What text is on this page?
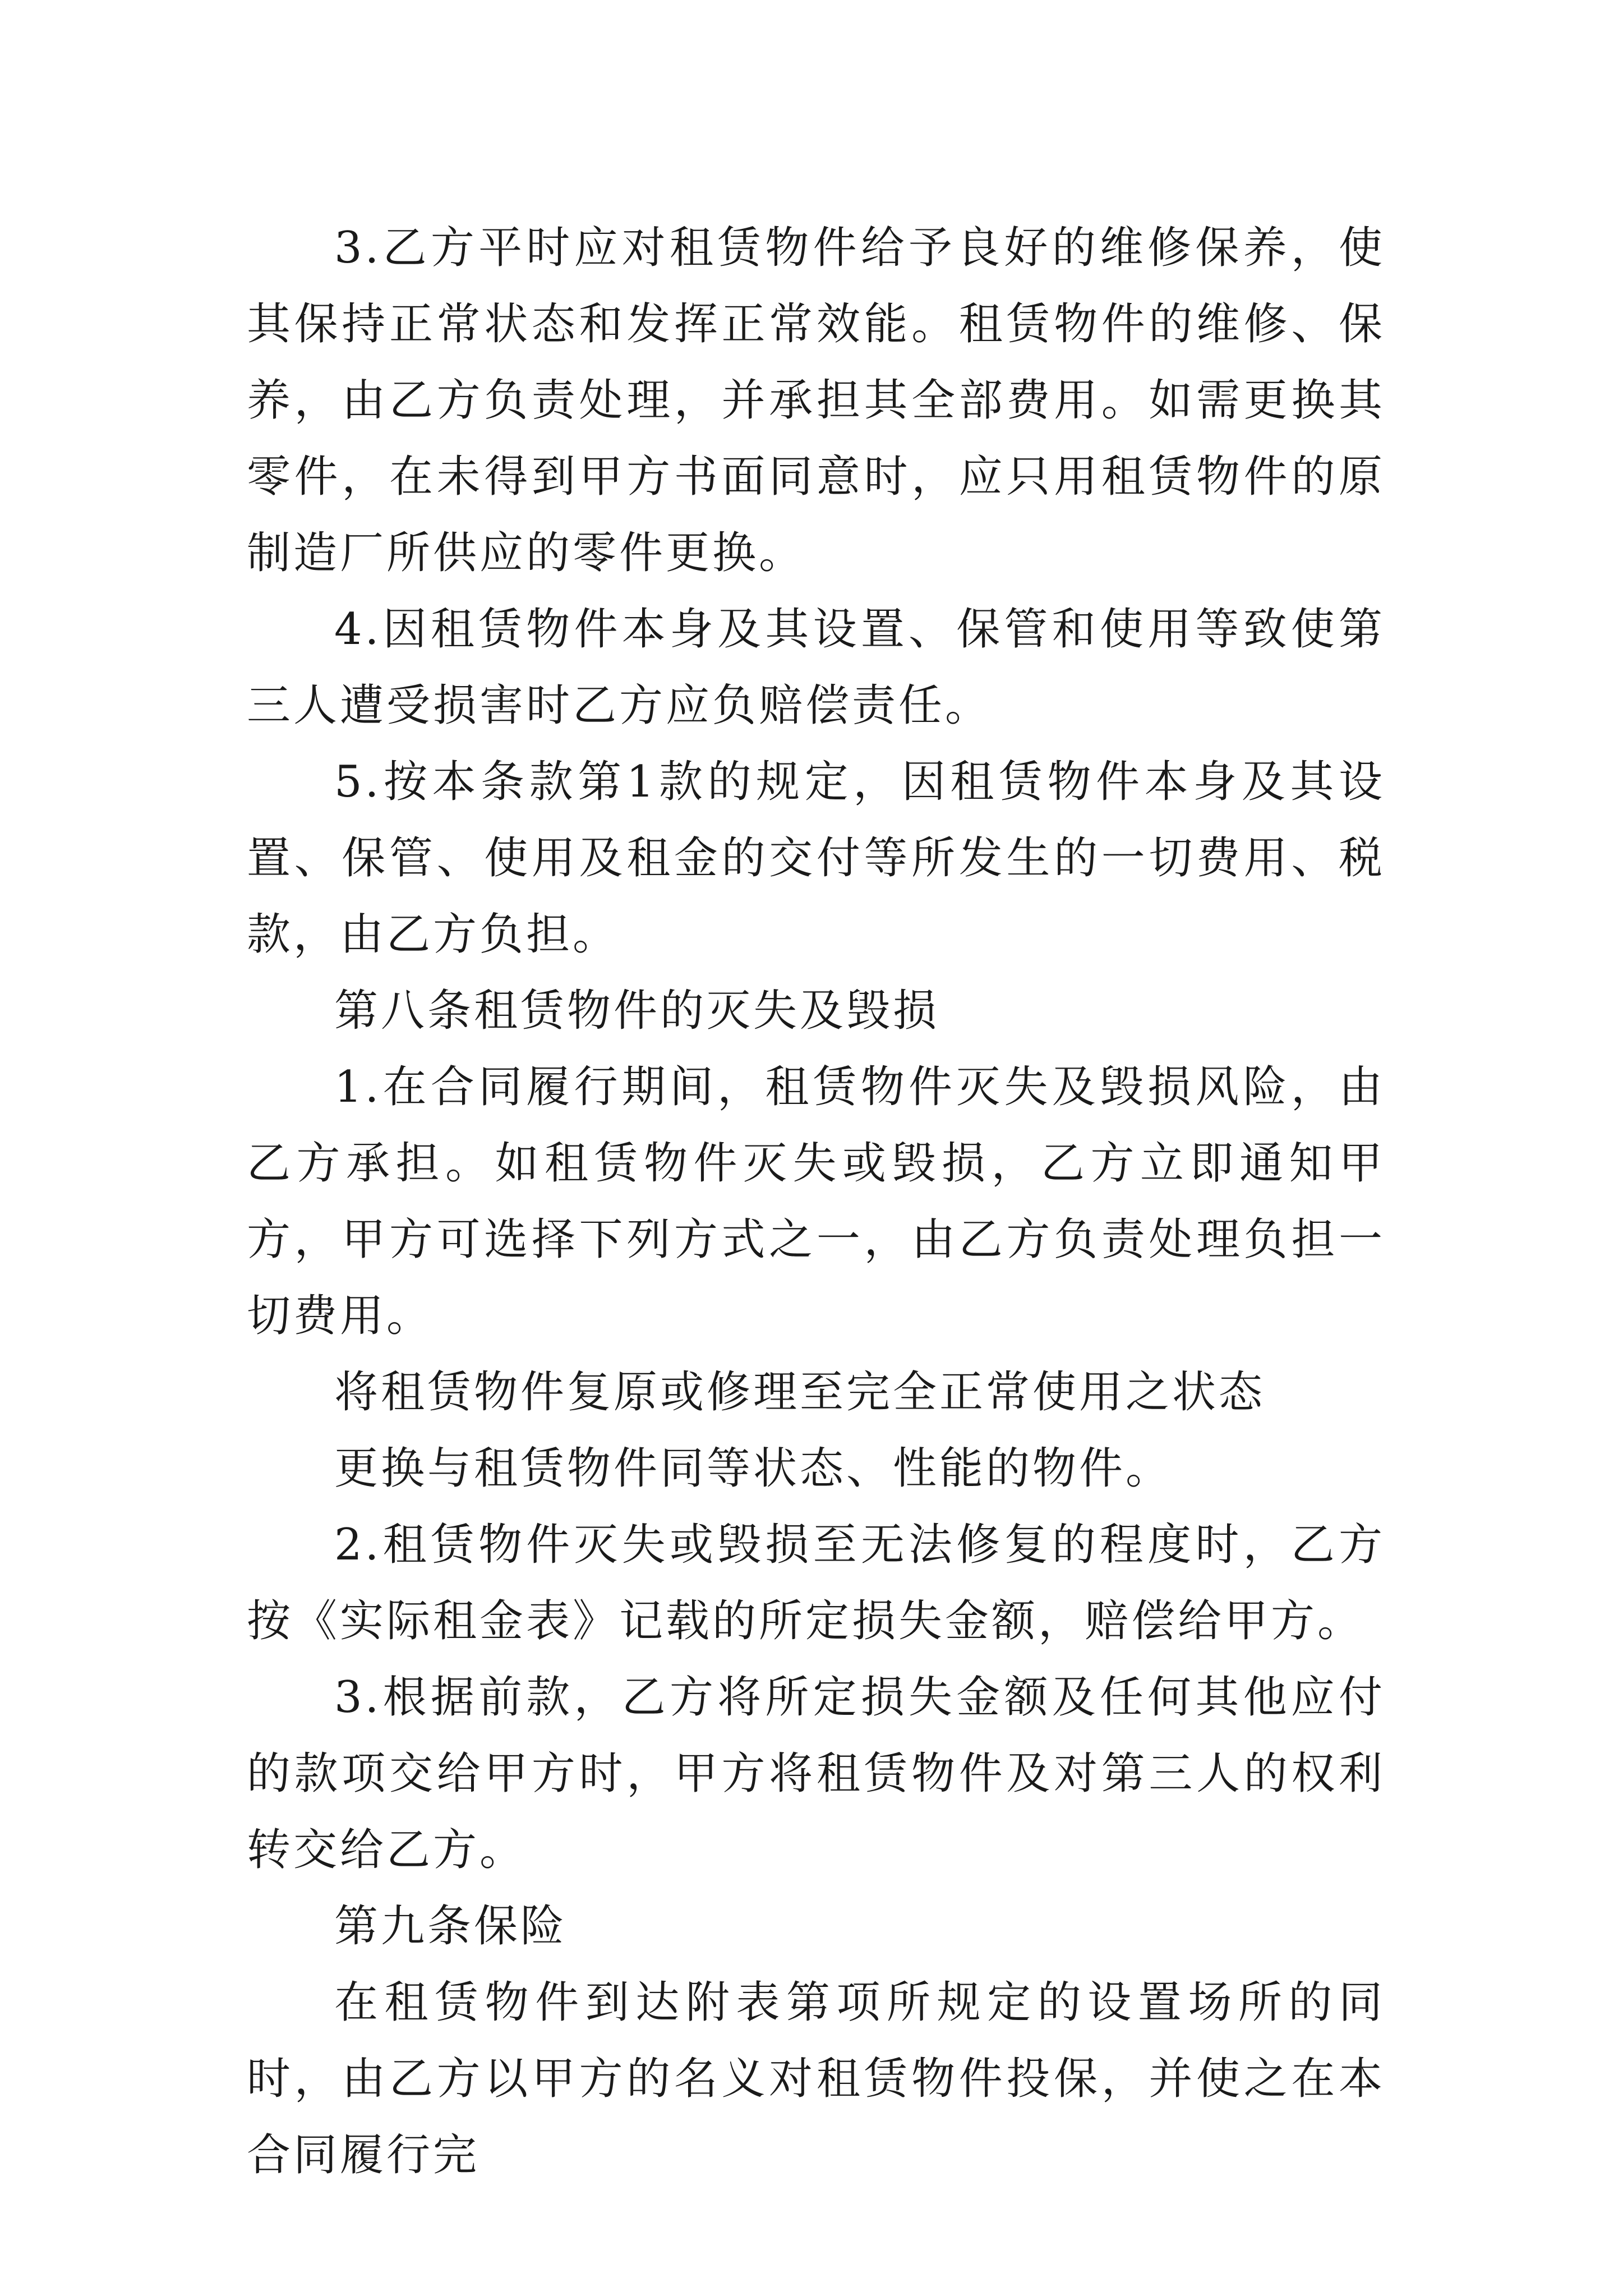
3.乙方平时应对租赁物件给予良好的维修保养，使其保持正常状态和发挥正常效能。租赁物件的维修、保养，由乙方负责处理，并承担其全部费用。如需更换其零件，在未得到甲方书面同意时，应只用租赁物件的原制造厂所供应的零件更换。

4.因租赁物件本身及其设置、保管和使用等致使第三人遭受损害时乙方应负赔偿责任。

5.按本条款第1款的规定，因租赁物件本身及其设置、保管、使用及租金的交付等所发生的一切费用、税款，由乙方负担。

第八条租赁物件的灭失及毁损

1.在合同履行期间，租赁物件灭失及毁损风险，由乙方承担。如租赁物件灭失或毁损，乙方立即通知甲方，甲方可选择下列方式之一，由乙方负责处理负担一切费用。

将租赁物件复原或修理至完全正常使用之状态

更换与租赁物件同等状态、性能的物件。

2.租赁物件灭失或毁损至无法修复的程度时，乙方按《实际租金表》记载的所定损失金额，赔偿给甲方。

3.根据前款，乙方将所定损失金额及任何其他应付的款项交给甲方时，甲方将租赁物件及对第三人的权利转交给乙方。

第九条保险

在租赁物件到达附表第项所规定的设置场所的同时，由乙方以甲方的名义对租赁物件投保，并使之在本合同履行完
